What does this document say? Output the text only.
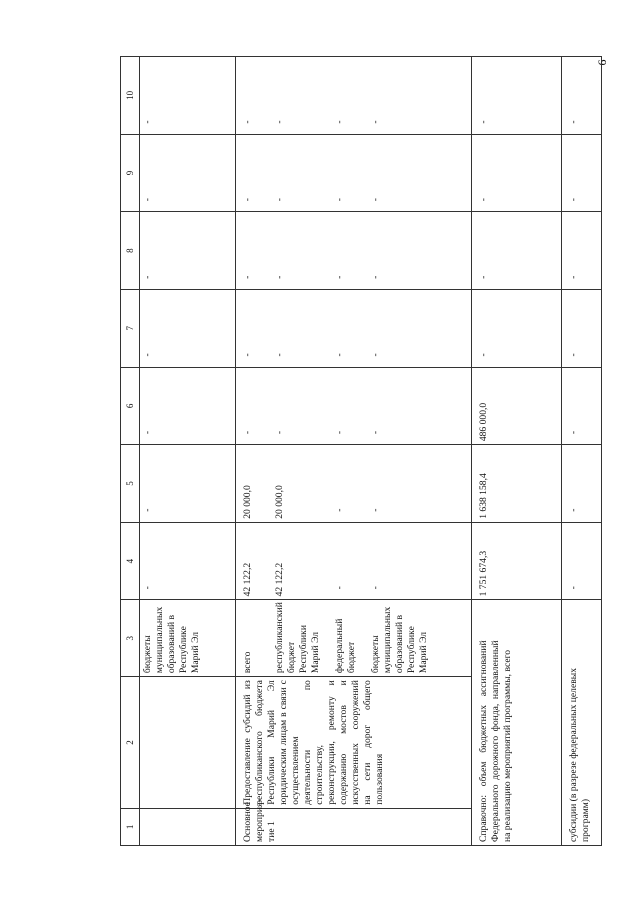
9
1	2	3	4	5	6	7	8	9	10
		бюджеты муниципальных образований в Республике Марий Эл	-	-	-	-	-	-	-
Основное мероприя-тие 1	Предоставление субсидий из республиканского бюджета Республики Марий Эл юридическим лицам в связи с осуществлением деятельности по строительству, реконструкции, ремонту и содержанию мостов и искусственных сооружений на сети дорог общего пользования	всего	42 122,2	20 000,0	-	-	-	-	-
		республиканский бюджет Республики Марий Эл	42 122,2	20 000,0	-	-	-	-	-
		федеральный бюджет	-	-	-	-	-	-	-
		бюджеты муниципальных образований в Республике Марий Эл	-	-	-	-	-	-	-
Справочно: объем бюджетных ассигнований Федерального дорожного фонда, направленный на реализацию мероприятий программы, всего			1 751 674,3	1 638 158,4	486 000,0	-	-	-	-
субсидии (в разрезе федеральных целевых программ)			-	-	-	-	-	-	-
